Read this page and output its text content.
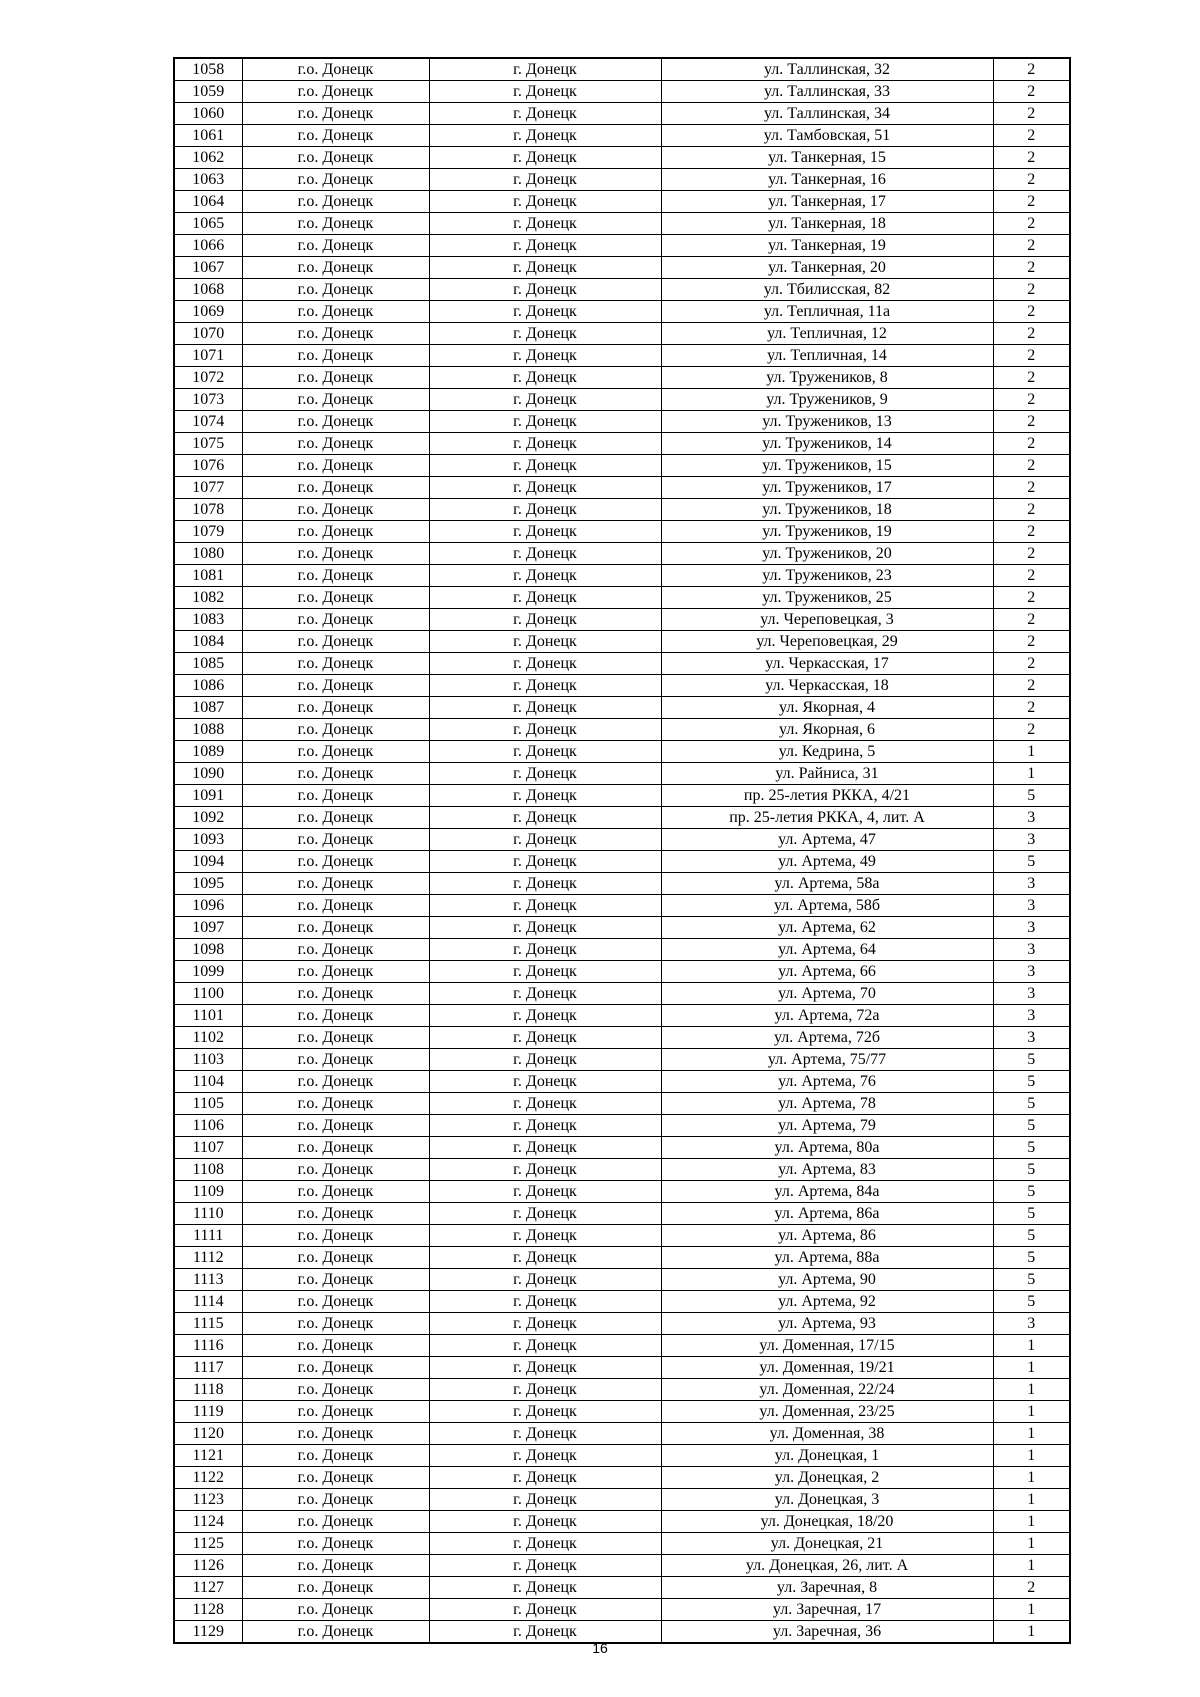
1058	г.о. Донецк	г. Донецк	ул. Таллинская, 32	2
1059	г.о. Донецк	г. Донецк	ул. Таллинская, 33	2
1060	г.о. Донецк	г. Донецк	ул. Таллинская, 34	2
1061	г.о. Донецк	г. Донецк	ул. Тамбовская, 51	2
1062	г.о. Донецк	г. Донецк	ул. Танкерная, 15	2
1063	г.о. Донецк	г. Донецк	ул. Танкерная, 16	2
1064	г.о. Донецк	г. Донецк	ул. Танкерная, 17	2
1065	г.о. Донецк	г. Донецк	ул. Танкерная, 18	2
1066	г.о. Донецк	г. Донецк	ул. Танкерная, 19	2
1067	г.о. Донецк	г. Донецк	ул. Танкерная, 20	2
1068	г.о. Донецк	г. Донецк	ул. Тбилисская, 82	2
1069	г.о. Донецк	г. Донецк	ул. Тепличная, 11а	2
1070	г.о. Донецк	г. Донецк	ул. Тепличная, 12	2
1071	г.о. Донецк	г. Донецк	ул. Тепличная, 14	2
1072	г.о. Донецк	г. Донецк	ул. Тружеников, 8	2
1073	г.о. Донецк	г. Донецк	ул. Тружеников, 9	2
1074	г.о. Донецк	г. Донецк	ул. Тружеников, 13	2
1075	г.о. Донецк	г. Донецк	ул. Тружеников, 14	2
1076	г.о. Донецк	г. Донецк	ул. Тружеников, 15	2
1077	г.о. Донецк	г. Донецк	ул. Тружеников, 17	2
1078	г.о. Донецк	г. Донецк	ул. Тружеников, 18	2
1079	г.о. Донецк	г. Донецк	ул. Тружеников, 19	2
1080	г.о. Донецк	г. Донецк	ул. Тружеников, 20	2
1081	г.о. Донецк	г. Донецк	ул. Тружеников, 23	2
1082	г.о. Донецк	г. Донецк	ул. Тружеников, 25	2
1083	г.о. Донецк	г. Донецк	ул. Череповецкая, 3	2
1084	г.о. Донецк	г. Донецк	ул. Череповецкая, 29	2
1085	г.о. Донецк	г. Донецк	ул. Черкасская, 17	2
1086	г.о. Донецк	г. Донецк	ул. Черкасская, 18	2
1087	г.о. Донецк	г. Донецк	ул. Якорная, 4	2
1088	г.о. Донецк	г. Донецк	ул. Якорная, 6	2
1089	г.о. Донецк	г. Донецк	ул. Кедрина, 5	1
1090	г.о. Донецк	г. Донецк	ул. Райниса, 31	1
1091	г.о. Донецк	г. Донецк	пр. 25-летия РККА, 4/21	5
1092	г.о. Донецк	г. Донецк	пр. 25-летия РККА, 4, лит. А	3
1093	г.о. Донецк	г. Донецк	ул. Артема, 47	3
1094	г.о. Донецк	г. Донецк	ул. Артема, 49	5
1095	г.о. Донецк	г. Донецк	ул. Артема, 58а	3
1096	г.о. Донецк	г. Донецк	ул. Артема, 58б	3
1097	г.о. Донецк	г. Донецк	ул. Артема, 62	3
1098	г.о. Донецк	г. Донецк	ул. Артема, 64	3
1099	г.о. Донецк	г. Донецк	ул. Артема, 66	3
1100	г.о. Донецк	г. Донецк	ул. Артема, 70	3
1101	г.о. Донецк	г. Донецк	ул. Артема, 72а	3
1102	г.о. Донецк	г. Донецк	ул. Артема, 72б	3
1103	г.о. Донецк	г. Донецк	ул. Артема, 75/77	5
1104	г.о. Донецк	г. Донецк	ул. Артема, 76	5
1105	г.о. Донецк	г. Донецк	ул. Артема, 78	5
1106	г.о. Донецк	г. Донецк	ул. Артема, 79	5
1107	г.о. Донецк	г. Донецк	ул. Артема, 80а	5
1108	г.о. Донецк	г. Донецк	ул. Артема, 83	5
1109	г.о. Донецк	г. Донецк	ул. Артема, 84а	5
1110	г.о. Донецк	г. Донецк	ул. Артема, 86а	5
1111	г.о. Донецк	г. Донецк	ул. Артема, 86	5
1112	г.о. Донецк	г. Донецк	ул. Артема, 88а	5
1113	г.о. Донецк	г. Донецк	ул. Артема, 90	5
1114	г.о. Донецк	г. Донецк	ул. Артема, 92	5
1115	г.о. Донецк	г. Донецк	ул. Артема, 93	3
1116	г.о. Донецк	г. Донецк	ул. Доменная, 17/15	1
1117	г.о. Донецк	г. Донецк	ул. Доменная, 19/21	1
1118	г.о. Донецк	г. Донецк	ул. Доменная, 22/24	1
1119	г.о. Донецк	г. Донецк	ул. Доменная, 23/25	1
1120	г.о. Донецк	г. Донецк	ул. Доменная, 38	1
1121	г.о. Донецк	г. Донецк	ул. Донецкая, 1	1
1122	г.о. Донецк	г. Донецк	ул. Донецкая, 2	1
1123	г.о. Донецк	г. Донецк	ул. Донецкая, 3	1
1124	г.о. Донецк	г. Донецк	ул. Донецкая, 18/20	1
1125	г.о. Донецк	г. Донецк	ул. Донецкая, 21	1
1126	г.о. Донецк	г. Донецк	ул. Донецкая, 26, лит. А	1
1127	г.о. Донецк	г. Донецк	ул. Заречная, 8	2
1128	г.о. Донецк	г. Донецк	ул. Заречная, 17	1
1129	г.о. Донецк	г. Донецк	ул. Заречная, 36	1
16
